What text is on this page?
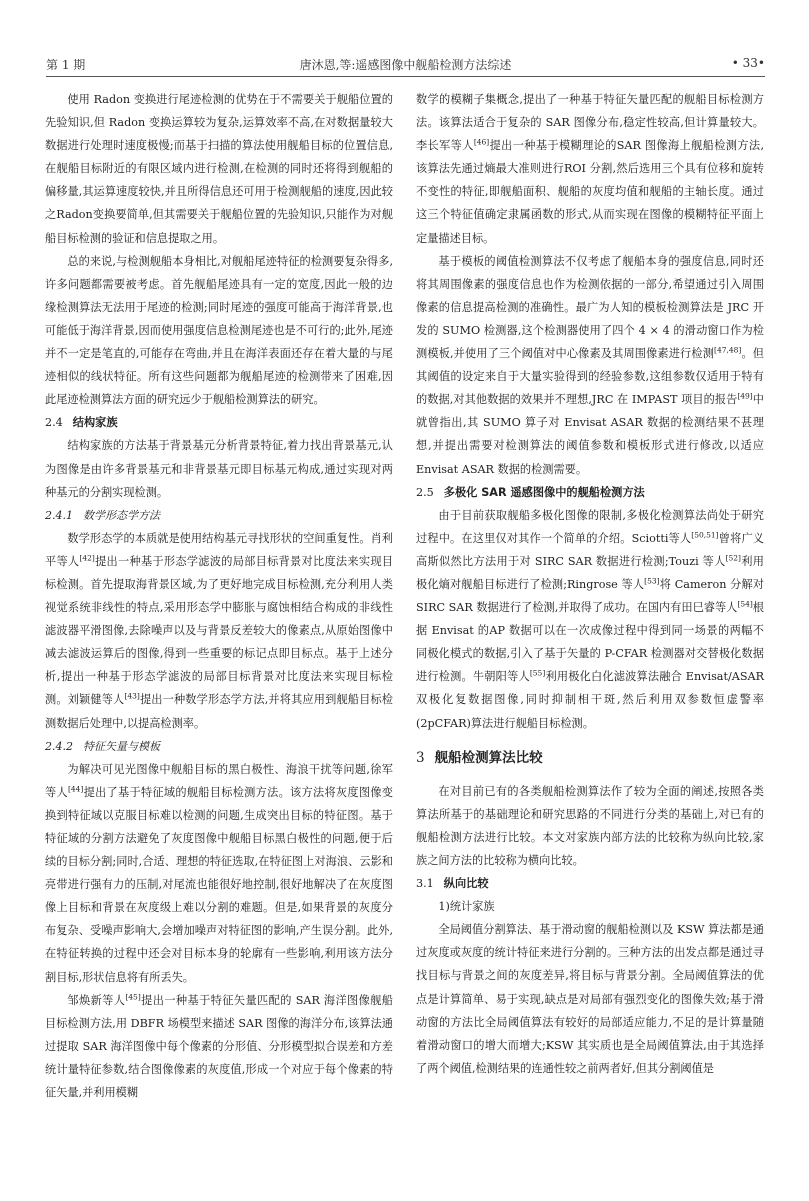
第 1 期	唐沐恩,等:遥感图像中舰船检测方法综述	• 33•

使用 Radon 变换进行尾迹检测的优势在于不需要关于舰船位置的先验知识,但 Radon 变换运算较为复杂,运算效率不高,在对数据量较大数据进行处理时速度极慢;而基于扫描的算法使用舰船目标的位置信息,在舰船目标附近的有限区域内进行检测,在检测的同时还将得到舰船的偏移量,其运算速度较快,并且所得信息还可用于检测舰船的速度,因此较之Radon变换要简单,但其需要关于舰船位置的先验知识,只能作为对舰船目标检测的验证和信息提取之用。

总的来说,与检测舰船本身相比,对舰船尾迹特征的检测要复杂得多,许多问题都需要被考虑。首先舰船尾迹具有一定的宽度,因此一般的边缘检测算法无法用于尾迹的检测;同时尾迹的强度可能高于海洋背景,也可能低于海洋背景,因而使用强度信息检测尾迹也是不可行的;此外,尾迹并不一定是笔直的,可能存在弯曲,并且在海洋表面还存在着大量的与尾迹相似的线状特征。所有这些问题都为舰船尾迹的检测带来了困难,因此尾迹检测算法方面的研究远少于舰船检测算法的研究。

2.4 结构家族

结构家族的方法基于背景基元分析背景特征,着力找出背景基元,认为图像是由许多背景基元和非背景基元即目标基元构成,通过实现对两种基元的分割实现检测。

2.4.1 数学形态学方法

数学形态学的本质就是使用结构基元寻找形状的空间重复性。肖利平等人[42]提出一种基于形态学滤波的局部目标背景对比度法来实现目标检测。首先提取海背景区域,为了更好地完成目标检测,充分利用人类视觉系统非线性的特点,采用形态学中膨胀与腐蚀相结合构成的非线性滤波器平滑图像,去除噪声以及与背景反差较大的像素点,从原始图像中减去滤波运算后的图像,得到一些重要的标记点即目标点。基于上述分析,提出一种基于形态学滤波的局部目标背景对比度法来实现目标检测。刘颖健等人[43]提出一种数学形态学方法,并将其应用到舰船目标检测数据后处理中,以提高检测率。

2.4.2 特征矢量与模板

为解决可见光图像中舰船目标的黑白极性、海浪干扰等问题,徐军等人[44]提出了基于特征域的舰船目标检测方法。该方法将灰度图像变换到特征域以克服目标难以检测的问题,生成突出目标的特征图。基于特征域的分割方法避免了灰度图像中舰船目标黑白极性的问题,便于后续的目标分割;同时,合适、理想的特征选取,在特征图上对海浪、云影和亮带进行强有力的压制,对尾流也能很好地控制,很好地解决了在灰度图像上目标和背景在灰度级上难以分割的难题。但是,如果背景的灰度分布复杂、受噪声影响大,会增加噪声对特征图的影响,产生误分割。此外,在特征转换的过程中还会对目标本身的轮廓有一些影响,利用该方法分割目标,形状信息将有所丢失。

邹焕新等人[45]提出一种基于特征矢量匹配的 SAR 海洋图像舰船目标检测方法,用 DBFR 场模型来描述 SAR 图像的海洋分布,该算法通过提取 SAR 海洋图像中每个像素的分形值、分形模型拟合误差和方差统计量特征参数,结合图像像素的灰度值,形成一个对应于每个像素的特征矢量,并利用模糊

数学的模糊子集概念,提出了一种基于特征矢量匹配的舰船目标检测方法。该算法适合于复杂的 SAR 图像分布,稳定性较高,但计算量较大。李长军等人[46]提出一种基于模糊理论的SAR 图像海上舰船检测方法,该算法先通过熵最大准则进行ROI 分割,然后选用三个具有位移和旋转不变性的特征,即舰船面积、舰船的灰度均值和舰船的主轴长度。通过这三个特征值确定隶属函数的形式,从而实现在图像的模糊特征平面上定量描述目标。

基于模板的阈值检测算法不仅考虑了舰船本身的强度信息,同时还将其周围像素的强度信息也作为检测依据的一部分,希望通过引入周围像素的信息提高检测的准确性。最广为人知的模板检测算法是 JRC 开发的 SUMO 检测器,这个检测器使用了四个 4 × 4 的滑动窗口作为检测模板,并使用了三个阈值对中心像素及其周围像素进行检测[47,48]。但其阈值的设定来自于大量实验得到的经验参数,这组参数仅适用于特有的数据,对其他数据的效果并不理想,JRC 在 IMPAST 项目的报告[49]中就曾指出,其 SUMO 算子对 Envisat ASAR 数据的检测结果不甚理想,并提出需要对检测算法的阈值参数和模板形式进行修改,以适应 Envisat ASAR 数据的检测需要。

2.5 多极化 SAR 遥感图像中的舰船检测方法

由于目前获取舰船多极化图像的限制,多极化检测算法尚处于研究过程中。在这里仅对其作一个简单的介绍。Sciotti等人[50,51]曾将广义高斯似然比方法用于对 SIRC SAR 数据进行检测;Touzi 等人[52]利用极化熵对舰船目标进行了检测;Ringrose 等人[53]将 Cameron 分解对 SIRC SAR 数据进行了检测,并取得了成功。在国内有田巳睿等人[54]根据 Envisat 的AP 数据可以在一次成像过程中得到同一场景的两幅不同极化模式的数据,引入了基于矢量的 P-CFAR 检测器对交替极化数据进行检测。牛朝阳等人[55]利用极化白化滤波算法融合 Envisat/ASAR 双极化复数据图像,同时抑制相干斑,然后利用双参数恒虚警率(2pCFAR)算法进行舰船目标检测。

3 舰船检测算法比较

在对目前已有的各类舰船检测算法作了较为全面的阐述,按照各类算法所基于的基础理论和研究思路的不同进行分类的基础上,对已有的舰船检测方法进行比较。本文对家族内部方法的比较称为纵向比较,家族之间方法的比较称为横向比较。

3.1 纵向比较

1)统计家族

全局阈值分割算法、基于滑动窗的舰船检测以及 KSW 算法都是通过灰度或灰度的统计特征来进行分割的。三种方法的出发点都是通过寻找目标与背景之间的灰度差异,将目标与背景分割。全局阈值算法的优点是计算简单、易于实现,缺点是对局部有强烈变化的图像失效;基于滑动窗的方法比全局阈值算法有较好的局部适应能力,不足的是计算量随着滑动窗口的增大而增大;KSW 其实质也是全局阈值算法,由于其选择了两个阈值,检测结果的连通性较之前两者好,但其分割阈值是
